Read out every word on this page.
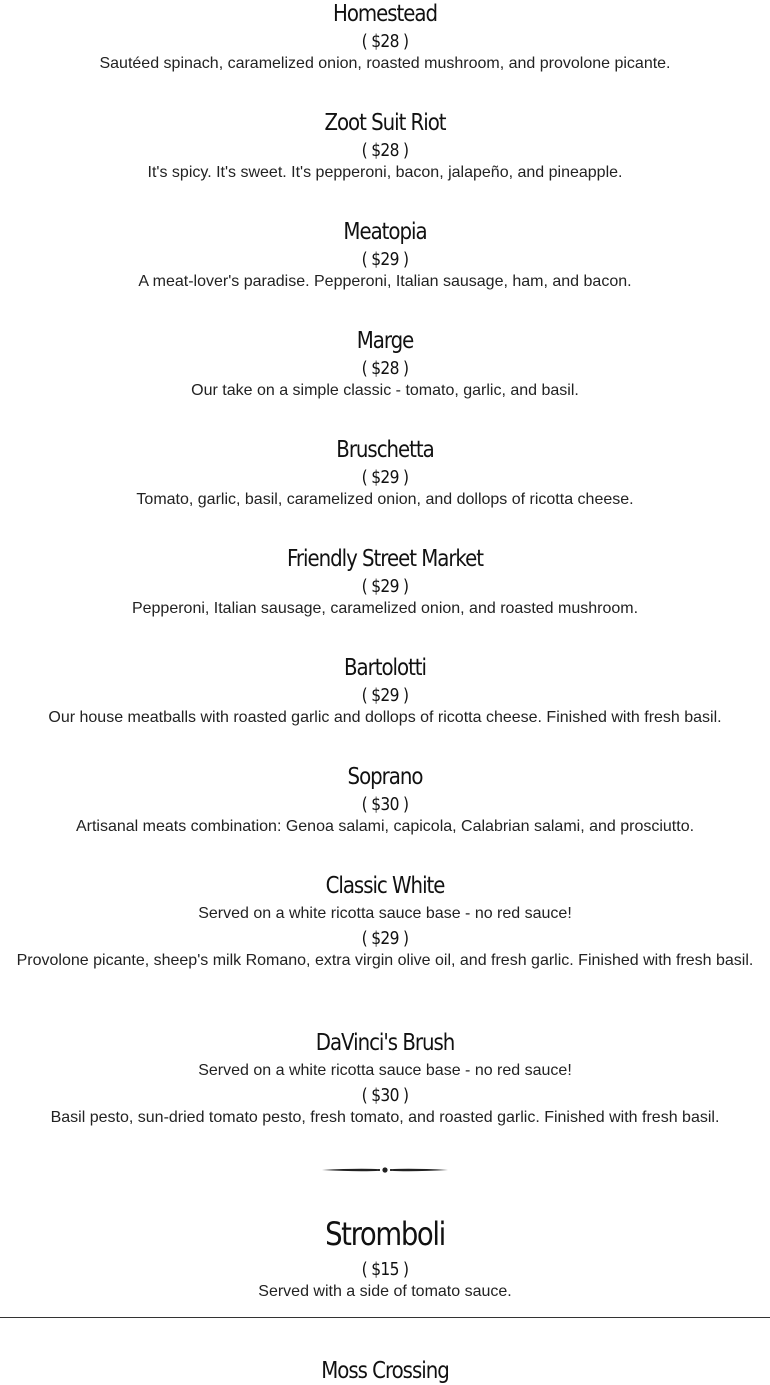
Homestead
( $28 )
Sautéed spinach, caramelized onion, roasted mushroom, and provolone picante.
Zoot Suit Riot
( $28 )
It's spicy. It's sweet. It's pepperoni, bacon, jalapeño, and pineapple.
Meatopia
( $29 )
A meat-lover's paradise. Pepperoni, Italian sausage, ham, and bacon.
Marge
( $28 )
Our take on a simple classic - tomato, garlic, and basil.
Bruschetta
( $29 )
Tomato, garlic, basil, caramelized onion, and dollops of ricotta cheese.
Friendly Street Market
( $29 )
Pepperoni, Italian sausage, caramelized onion, and roasted mushroom.
Bartolotti
( $29 )
Our house meatballs with roasted garlic and dollops of ricotta cheese. Finished with fresh basil.
Soprano
( $30 )
Artisanal meats combination: Genoa salami, capicola, Calabrian salami, and prosciutto.
Classic White
Served on a white ricotta sauce base - no red sauce!
( $29 )
Provolone picante, sheep's milk Romano, extra virgin olive oil, and fresh garlic. Finished with fresh basil.
DaVinci's Brush
Served on a white ricotta sauce base - no red sauce!
( $30 )
Basil pesto, sun-dried tomato pesto, fresh tomato, and roasted garlic. Finished with fresh basil.
Stromboli
( $15 )
Served with a side of tomato sauce.
Moss Crossing
